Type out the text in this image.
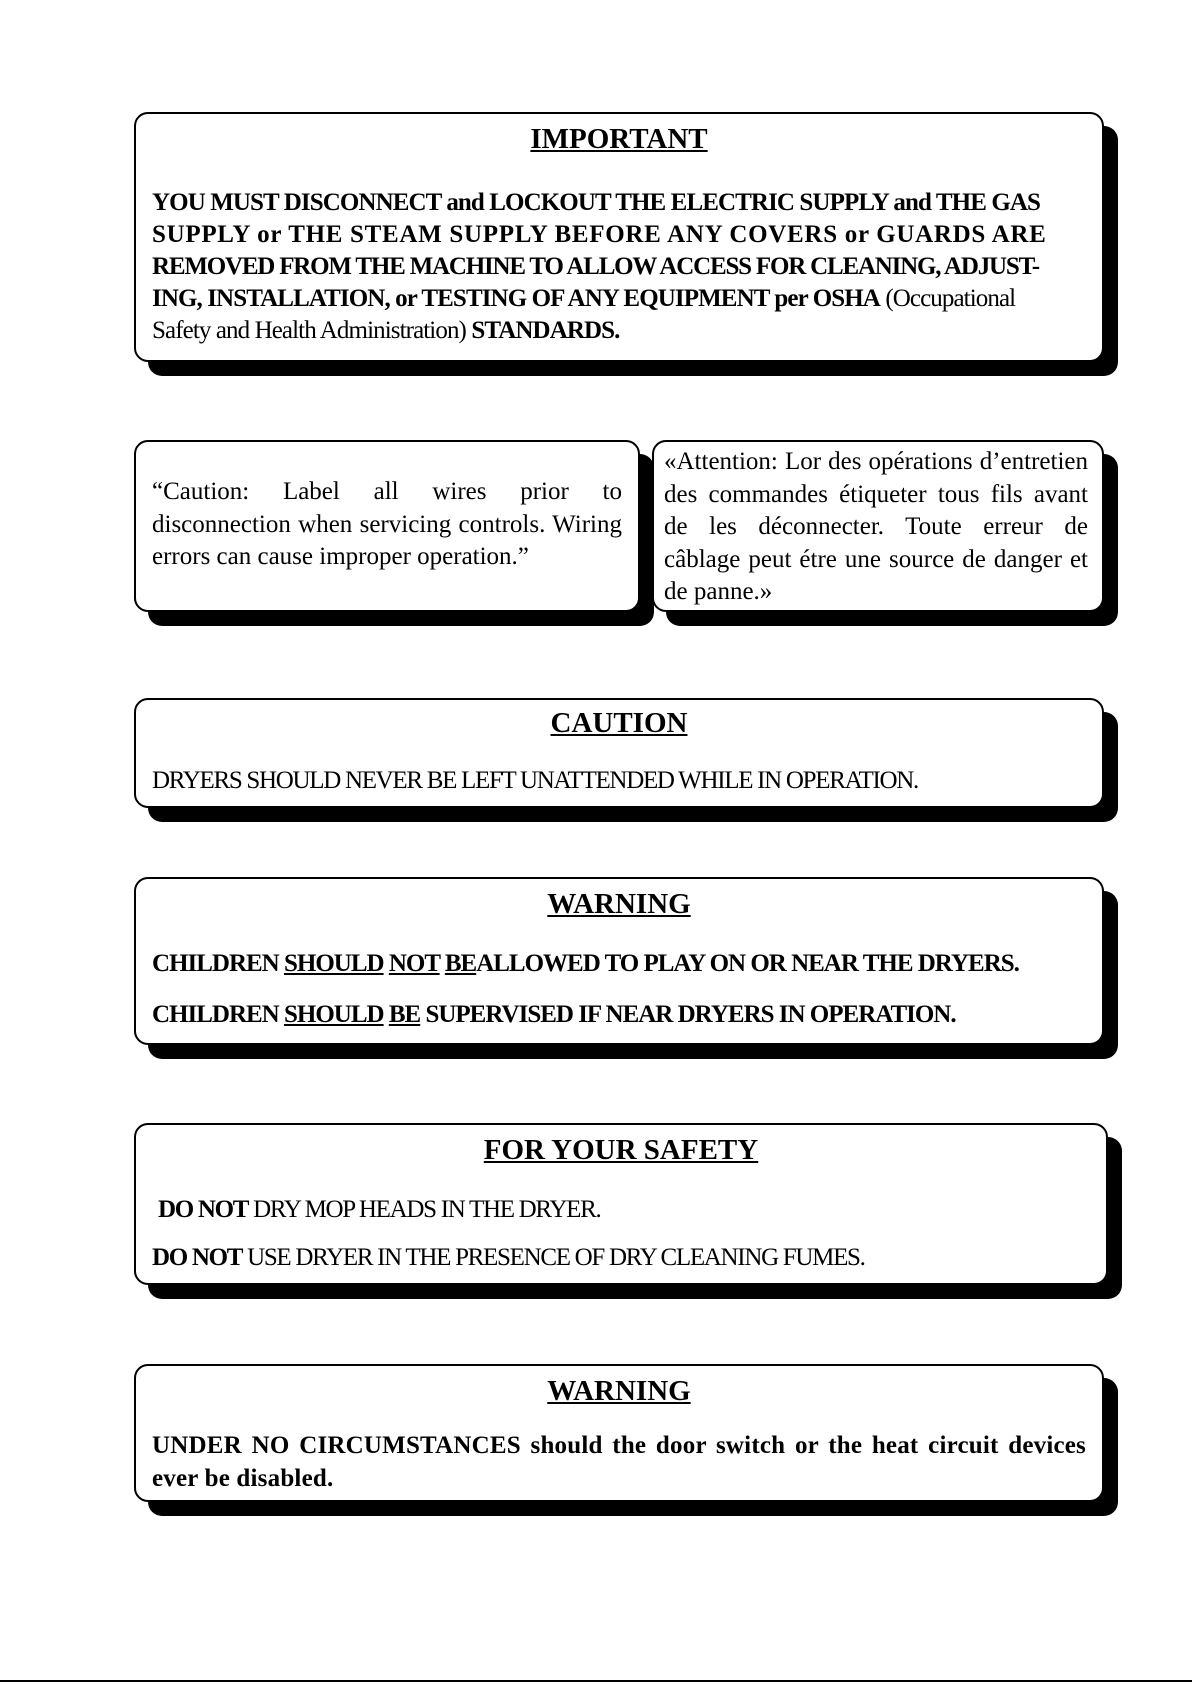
IMPORTANT
YOU MUST DISCONNECT and LOCKOUT THE ELECTRIC SUPPLY and THE GAS
SUPPLY or THE STEAM SUPPLY BEFORE ANY COVERS or GUARDS ARE
REMOVED FROM THE MACHINE TO ALLOW ACCESS FOR CLEANING, ADJUST-
ING, INSTALLATION, or TESTING OF ANY EQUIPMENT per OSHA (Occupational
Safety and Health Administration) STANDARDS.
“Caution: Label all wires prior to disconnection when servicing controls. Wiring errors can cause improper operation.”
«Attention: Lor des opérations d’entretien des commandes étiqueter tous fils avant de les déconnecter. Toute erreur de câblage peut étre une source de danger et de panne.»
CAUTION
DRYERS SHOULD NEVER BE LEFT UNATTENDED WHILE IN OPERATION.
WARNING
CHILDREN SHOULD NOT BEALLOWED TO PLAY ON OR NEAR THE DRYERS.
CHILDREN SHOULD BE SUPERVISED IF NEAR DRYERS IN OPERATION.
FOR YOUR SAFETY
DO NOT DRY MOP HEADS IN THE DRYER.
DO NOT USE DRYER IN THE PRESENCE OF DRY CLEANING FUMES.
WARNING
UNDER NO CIRCUMSTANCES should the door switch or the heat circuit devices ever be disabled.
